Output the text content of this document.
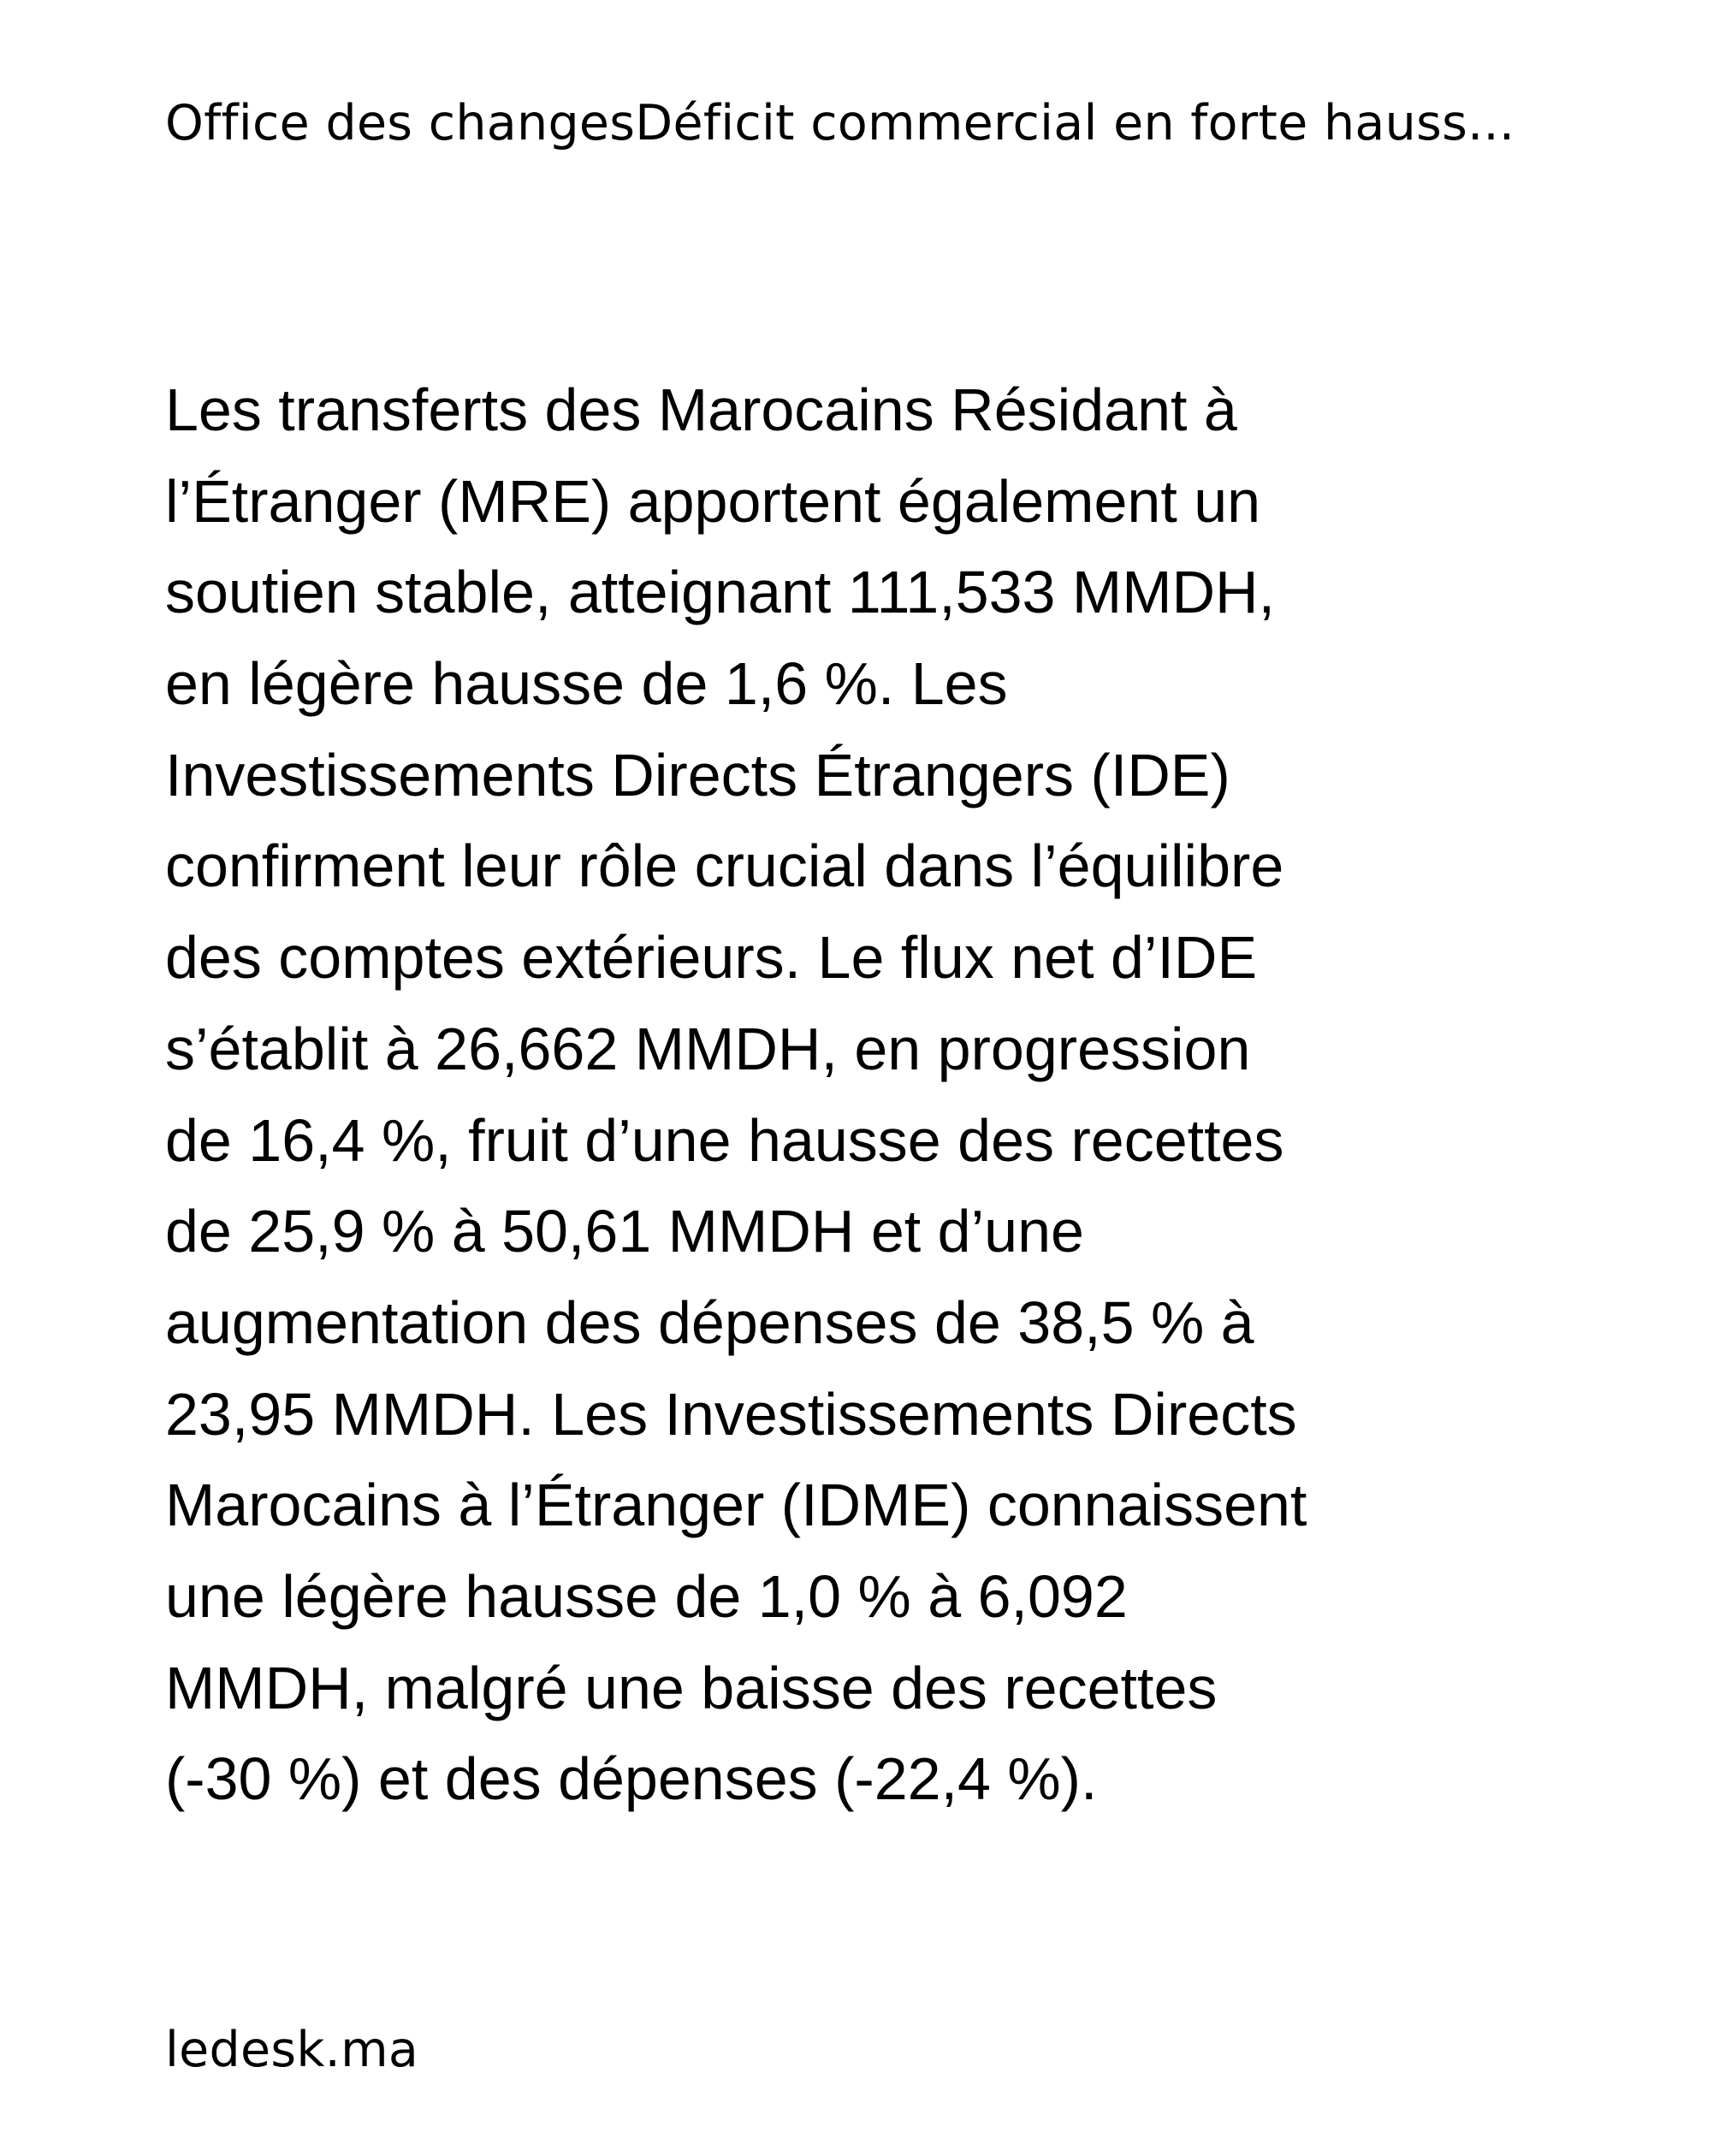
Office des changesDéficit commercial en forte hauss...
Les transferts des Marocains Résidant à
l’Étranger (MRE) apportent également un
soutien stable, atteignant 111,533 MMDH,
en légère hausse de 1,6 %. Les
Investissements Directs Étrangers (IDE)
confirment leur rôle crucial dans l’équilibre
des comptes extérieurs. Le flux net d’IDE
s’établit à 26,662 MMDH, en progression
de 16,4 %, fruit d’une hausse des recettes
de 25,9 % à 50,61 MMDH et d’une
augmentation des dépenses de 38,5 % à
23,95 MMDH. Les Investissements Directs
Marocains à l’Étranger (IDME) connaissent
une légère hausse de 1,0 % à 6,092
MMDH, malgré une baisse des recettes
(-30 %) et des dépenses (-22,4 %).
ledesk.ma
